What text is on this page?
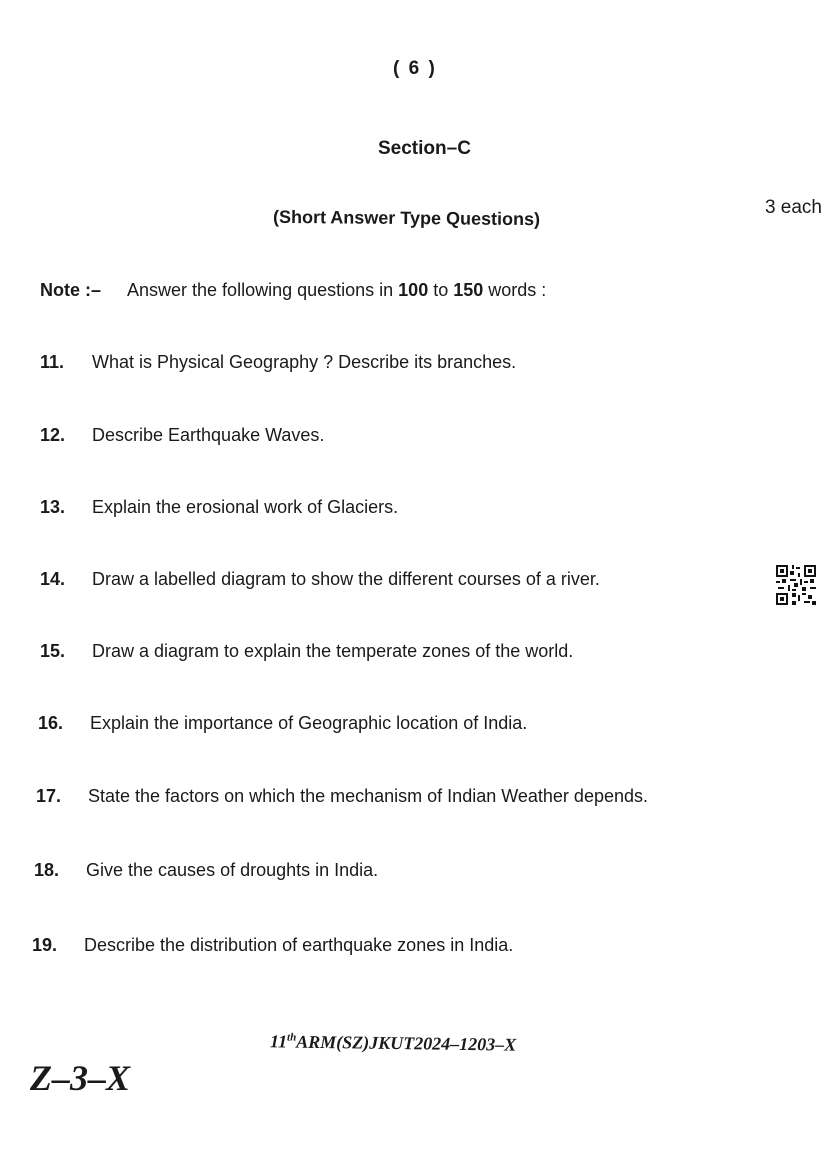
( 6 )
Section–C
(Short Answer Type Questions)	3 each
Note :– Answer the following questions in 100 to 150 words :
11. What is Physical Geography ? Describe its branches.
12. Describe Earthquake Waves.
13. Explain the erosional work of Glaciers.
14. Draw a labelled diagram to show the different courses of a river.
15. Draw a diagram to explain the temperate zones of the world.
16. Explain the importance of Geographic location of India.
17. State the factors on which the mechanism of Indian Weather depends.
18. Give the causes of droughts in India.
19. Describe the distribution of earthquake zones in India.
11thARM(SZ)JKUT2024–1203–X
Z–3–X
